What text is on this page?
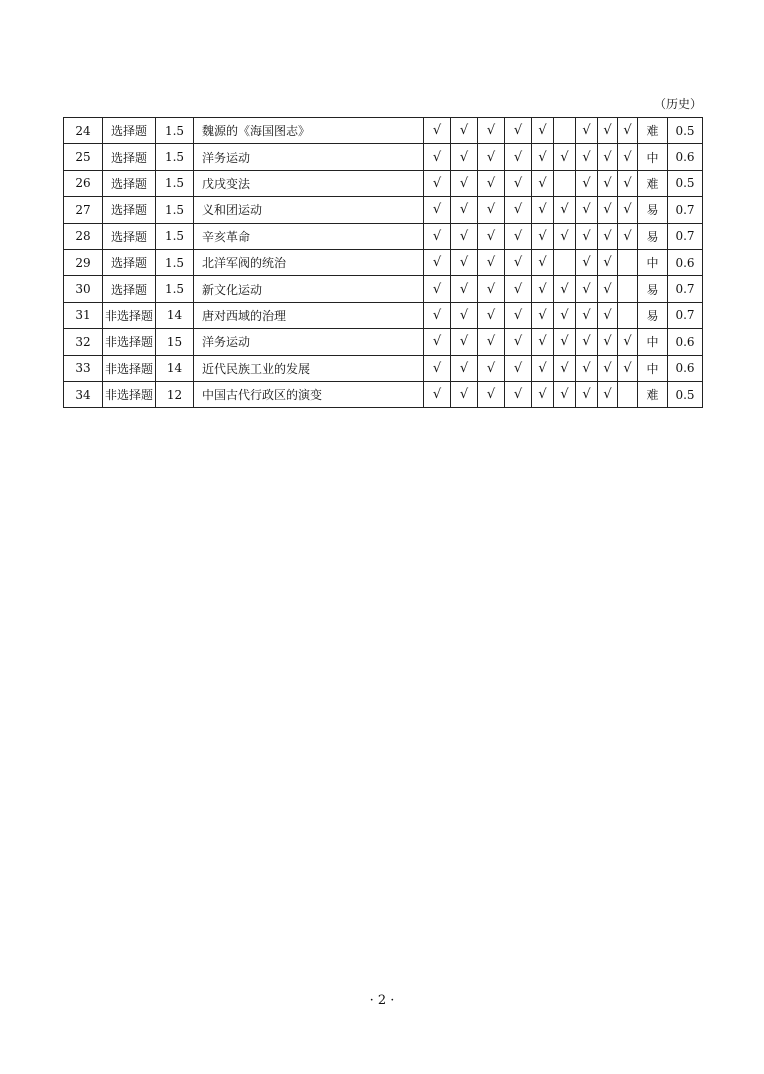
（历史）
24	选择题	1.5	魏源的《海国图志》	√	√	√	√	√		√	√	√	难	0.5
25	选择题	1.5	洋务运动	√	√	√	√	√	√	√	√	√	中	0.6
26	选择题	1.5	戊戌变法	√	√	√	√	√		√	√	√	难	0.5
27	选择题	1.5	义和团运动	√	√	√	√	√	√	√	√	√	易	0.7
28	选择题	1.5	辛亥革命	√	√	√	√	√	√	√	√	√	易	0.7
29	选择题	1.5	北洋军阀的统治	√	√	√	√	√		√	√		中	0.6
30	选择题	1.5	新文化运动	√	√	√	√	√	√	√	√		易	0.7
31	非选择题	14	唐对西域的治理	√	√	√	√	√	√	√	√		易	0.7
32	非选择题	15	洋务运动	√	√	√	√	√	√	√	√	√	中	0.6
33	非选择题	14	近代民族工业的发展	√	√	√	√	√	√	√	√	√	中	0.6
34	非选择题	12	中国古代行政区的演变	√	√	√	√	√	√	√	√		难	0.5
· 2 ·
